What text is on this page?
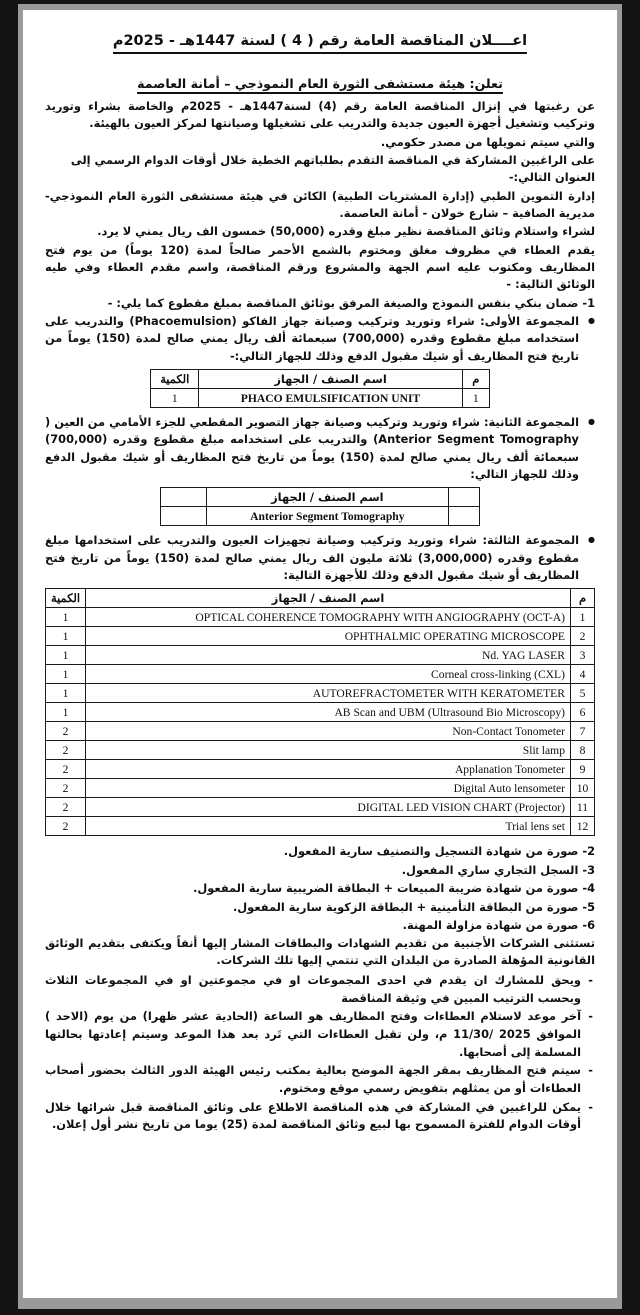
اعــــلان المناقصة العامة رقم ( 4 ) لسنة 1447هـ - 2025م
تعلن: هيئة مستشفى الثورة العام النموذجي – أمانة العاصمة

عن رغبتها في إنزال المناقصة العامة رقم (4) لسنة1447هـ - 2025م والخاصة بشراء وتوريد وتركيب وتشغيل أجهزة العيون جديدة والتدريب على تشغيلها وصيانتها لمركز العيون بالهيئة.

والتي سيتم تمويلها من مصدر حكومي.

على الراغبين المشاركة في المناقصة التقدم بطلباتهم الخطية خلال أوقات الدوام الرسمي إلى العنوان التالي:-

إدارة التموين الطبي (إدارة المشتريات الطبية) الكائن في هيئة مستشفى الثورة العام النموذجي- مديرية الصافية – شارع خولان - أمانة العاصمة.

لشراء واستلام وثائق المناقصة نظير مبلغ وقدره (50,000) خمسون الف ريال يمني لا يرد.

يقدم العطاء في مظروف مغلق ومختوم بالشمع الأحمر صالحاً لمدة (120 يوماً) من يوم فتح المظاريف ومكتوب عليه اسم الجهة والمشروع ورقم المناقصة، واسم مقدم العطاء وفي طيه الوثائق التالية: -

1- ضمان بنكي بنفس النموذج والصيغة المرفق بوثائق المناقصة بمبلغ مقطوع كما يلي: -

● المجموعة الأولى: شراء وتوريد وتركيب وصيانة جهاز الفاكو (Phacoemulsion) والتدريب على استخدامه مبلغ مقطوع وقدره (700,000) سبعمائة ألف ريال يمني صالح لمدة (150) يوماً من تاريخ فتح المظاريف أو شيك مقبول الدفع وذلك للجهاز التالي:-
م	اسم الصنف / الجهاز	الكمية
1	PHACO EMULSIFICATION UNIT	1
● المجموعة الثانية: شراء وتوريد وتركيب وصيانة جهاز التصوير المقطعي للجزء الأمامي من العين ( Anterior Segment Tomography) والتدريب على استخدامه مبلغ مقطوع وقدره (700,000) سبعمائة ألف ريال يمني صالح لمدة (150) يوماً من تاريخ فتح المظاريف أو شيك مقبول الدفع وذلك للجهاز التالي:
	اسم الصنف / الجهاز	
	Anterior Segment Tomography	
● المجموعة الثالثة: شراء وتوريد وتركيب وصيانة تجهيزات العيون والتدريب على استخدامها مبلغ مقطوع وقدره (3,000,000) ثلاثة مليون الف ريال يمني صالح لمدة (150) يوماً من تاريخ فتح المظاريف أو شيك مقبول الدفع وذلك للأجهزة التالية:
م	اسم الصنف / الجهاز	الكمية
1	OPTICAL COHERENCE TOMOGRAPHY WITH ANGIOGRAPHY (OCT-A)	1
2	OPHTHALMIC OPERATING MICROSCOPE	1
3	Nd. YAG LASER	1
4	Corneal cross-linking (CXL)	1
5	AUTOREFRACTOMETER WITH KERATOMETER	1
6	AB Scan and UBM (Ultrasound Bio Microscopy)	1
7	Non-Contact Tonometer	2
8	Slit lamp	2
9	Applanation Tonometer	2
10	Digital Auto lensometer	2
11	DIGITAL LED VISION CHART (Projector)	2
12	Trial lens set	2
2- صورة من شهادة التسجيل والتصنيف سارية المفعول.
3- السجل التجاري ساري المفعول.
4- صورة من شهادة ضريبة المبيعات + البطاقة الضريبية سارية المفعول.
5- صورة من البطاقة التأمينية + البطاقة الزكوية سارية المفعول.
6- صورة من شهادة مزاولة المهنة.

تستثنى الشركات الأجنبية من تقديم الشهادات والبطاقات المشار إليها أنفاً ويكتفى بتقديم الوثائق القانونية المؤهلة الصادرة من البلدان التي تنتمي إليها تلك الشركات.

- ويحق للمشارك ان يقدم في احدى المجموعات او في مجموعتين او في المجموعات الثلاث وبحسب الترتيب المبين في وثيقة المناقصة
- آخر موعد لاستلام العطاءات وفتح المظاريف هو الساعة (الحادية عشر ظهرا) من يوم (الاحد ) الموافق 2025 /11/30 م، ولن تقبل العطاءات التي تَرد بعد هذا الموعد وسيتم إعادتها بحالتها المسلمة إلى أصحابها.
- سيتم فتح المظاريف بمقر الجهة الموضح بعالية بمكتب رئيس الهيئة الدور الثالث بحضور أصحاب العطاءات أو من يمثلهم بتفويض رسمي موقع ومختوم.
- يمكن للراغبين في المشاركة في هذه المناقصة الاطلاع على وثائق المناقصة قبل شرائها خلال أوقات الدوام للفترة المسموح بها لبيع وثائق المناقصة لمدة (25) يوما من تاريخ نشر أول إعلان.
